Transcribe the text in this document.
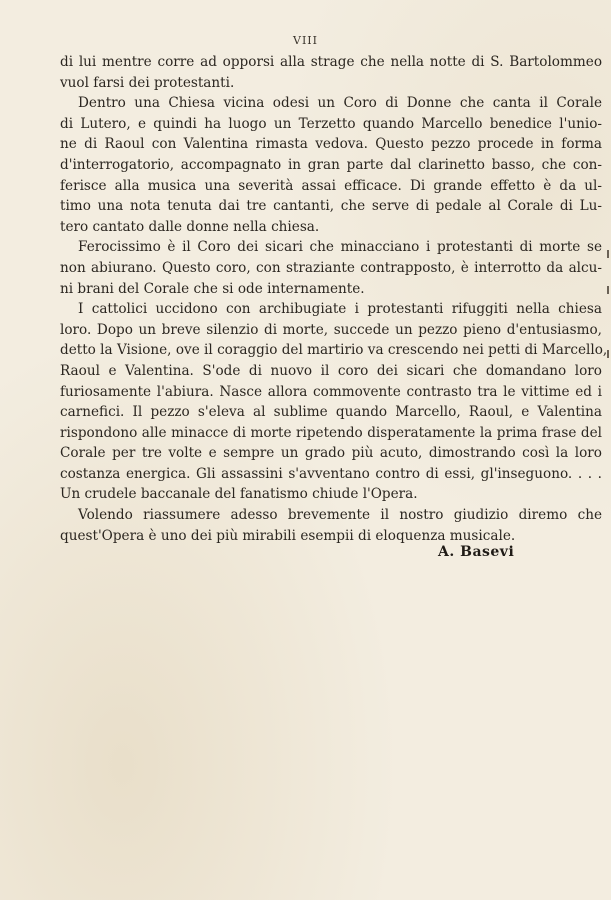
VIII
di lui mentre corre ad opporsi alla strage che nella notte di S. Bartolommeo
vuol farsi dei protestanti.
Dentro una Chiesa vicina odesi un Coro di Donne che canta il Corale
di Lutero, e quindi ha luogo un Terzetto quando Marcello benedice l'unio-
ne di Raoul con Valentina rimasta vedova. Questo pezzo procede in forma
d'interrogatorio, accompagnato in gran parte dal clarinetto basso, che con-
ferisce alla musica una severità assai efficace. Di grande effetto è da ul-
timo una nota tenuta dai tre cantanti, che serve di pedale al Corale di Lu-
tero cantato dalle donne nella chiesa.
Ferocissimo è il Coro dei sicari che minacciano i protestanti di morte se
non abiurano. Questo coro, con straziante contrapposto, è interrotto da alcu-
ni brani del Corale che si ode internamente.
I cattolici uccidono con archibugiate i protestanti rifuggiti nella chiesa
loro. Dopo un breve silenzio di morte, succede un pezzo pieno d'entusiasmo,
detto la Visione, ove il coraggio del martirio va crescendo nei petti di Marcello,
Raoul e Valentina. S'ode di nuovo il coro dei sicari che domandano loro
furiosamente l'abiura. Nasce allora commovente contrasto tra le vittime ed i
carnefici. Il pezzo s'eleva al sublime quando Marcello, Raoul, e Valentina
rispondono alle minacce di morte ripetendo disperatamente la prima frase del
Corale per tre volte e sempre un grado più acuto, dimostrando così la loro
costanza energica. Gli assassini s'avventano contro di essi, gl'inseguono. . . .
Un crudele baccanale del fanatismo chiude l'Opera.
Volendo riassumere adesso brevemente il nostro giudizio diremo che
quest'Opera è uno dei più mirabili esempii di eloquenza musicale.
A. Basevi
